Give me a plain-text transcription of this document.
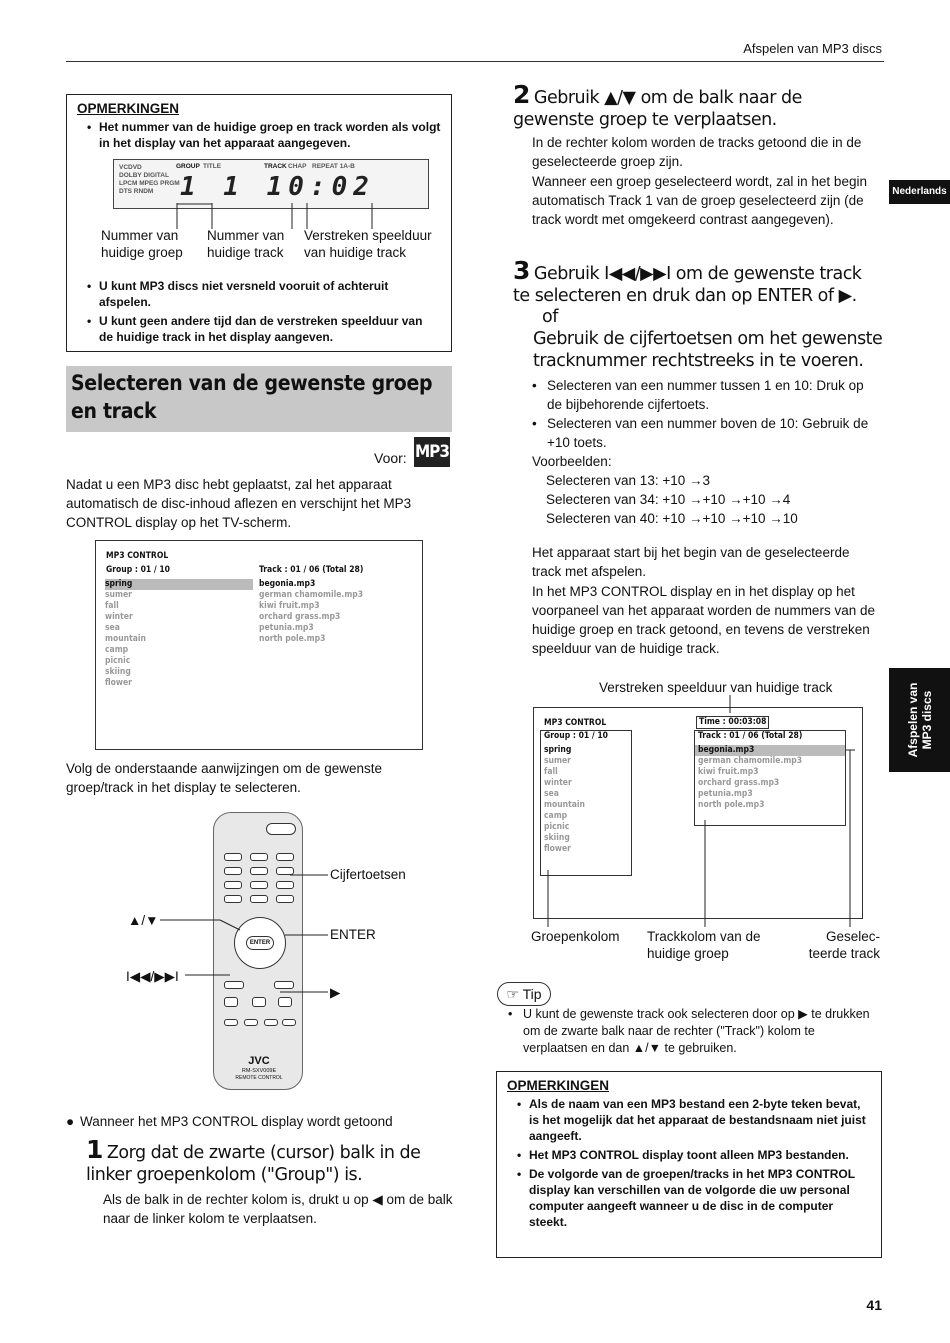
Afspelen van MP3 discs
Nederlands
Afspelen van MP3 discs
OPMERKINGEN
• Het nummer van de huidige groep en track worden als volgt in het display van het apparaat aangegeven.
VCDVD
DOLBY DIGITAL
LPCM MPEG PRGM
DTS RNDM
GROUP TITLE	TRACK CHAP REPEAT 1A-B
1 1 10:02
Nummer van huidige groep
Nummer van huidige track
Verstreken speelduur van huidige track
• U kunt MP3 discs niet versneld vooruit of achteruit afspelen.
• U kunt geen andere tijd dan de verstreken speelduur van de huidige track in het display aangeven.
Selecteren van de gewenste groep en track
Voor: MP3
Nadat u een MP3 disc hebt geplaatst, zal het apparaat automatisch de disc-inhoud aflezen en verschijnt het MP3 CONTROL display op het TV-scherm.
MP3 CONTROL
Group : 01 / 10	Track : 01 / 06 (Total 28)
spring
sumer
fall
winter
sea
mountain
camp
picnic
skiing
flower
begonia.mp3
german chamomile.mp3
kiwi fruit.mp3
orchard grass.mp3
petunia.mp3
north pole.mp3
Volg de onderstaande aanwijzingen om de gewenste groep/track in het display te selecteren.
ENTER
JVC
RM-SXV009E
REMOTE CONTROL
Cijfertoetsen
▲/▼
ENTER
I◀◀/▶▶I
▶
● Wanneer het MP3 CONTROL display wordt getoond
1 Zorg dat de zwarte (cursor) balk in de linker groepenkolom ("Group") is.
Als de balk in de rechter kolom is, drukt u op ◀ om de balk naar de linker kolom te verplaatsen.
2 Gebruik ▲/▼ om de balk naar de gewenste groep te verplaatsen.
In de rechter kolom worden de tracks getoond die in de geselecteerde groep zijn.
Wanneer een groep geselecteerd wordt, zal in het begin automatisch Track 1 van de groep geselecteerd zijn (de track wordt met omgekeerd contrast aangegeven).
3 Gebruik I◀◀/▶▶I om de gewenste track te selecteren en druk dan op ENTER of ▶.
of
Gebruik de cijfertoetsen om het gewenste tracknummer rechtstreeks in te voeren.
• Selecteren van een nummer tussen 1 en 10: Druk op de bijbehorende cijfertoets.
• Selecteren van een nummer boven de 10: Gebruik de +10 toets.
Voorbeelden:
Selecteren van 13: +10 →3
Selecteren van 34: +10 →+10 →+10 →4
Selecteren van 40: +10 →+10 →+10 →10
Het apparaat start bij het begin van de geselecteerde track met afspelen.
In het MP3 CONTROL display en in het display op het voorpaneel van het apparaat worden de nummers van de huidige groep en track getoond, en tevens de verstreken speelduur van de huidige track.
Verstreken speelduur van huidige track
MP3 CONTROL	Time : 00:03:08
Group : 01 / 10
spring
sumer
fall
winter
sea
mountain
camp
picnic
skiing
flower
Track : 01 / 06 (Total 28)
begonia.mp3
german chamomile.mp3
kiwi fruit.mp3
orchard grass.mp3
petunia.mp3
north pole.mp3
Groepenkolom Trackkolom van de huidige groep
Geselec- teerde track
☞ Tip
• U kunt de gewenste track ook selecteren door op ▶ te drukken om de zwarte balk naar de rechter ("Track") kolom te verplaatsen en dan ▲/▼ te gebruiken.
OPMERKINGEN
• Als de naam van een MP3 bestand een 2-byte teken bevat, is het mogelijk dat het apparaat de bestandsnaam niet juist aangeeft.
• Het MP3 CONTROL display toont alleen MP3 bestanden.
• De volgorde van de groepen/tracks in het MP3 CONTROL display kan verschillen van de volgorde die uw personal computer aangeeft wanneer u de disc in de computer steekt.
41
